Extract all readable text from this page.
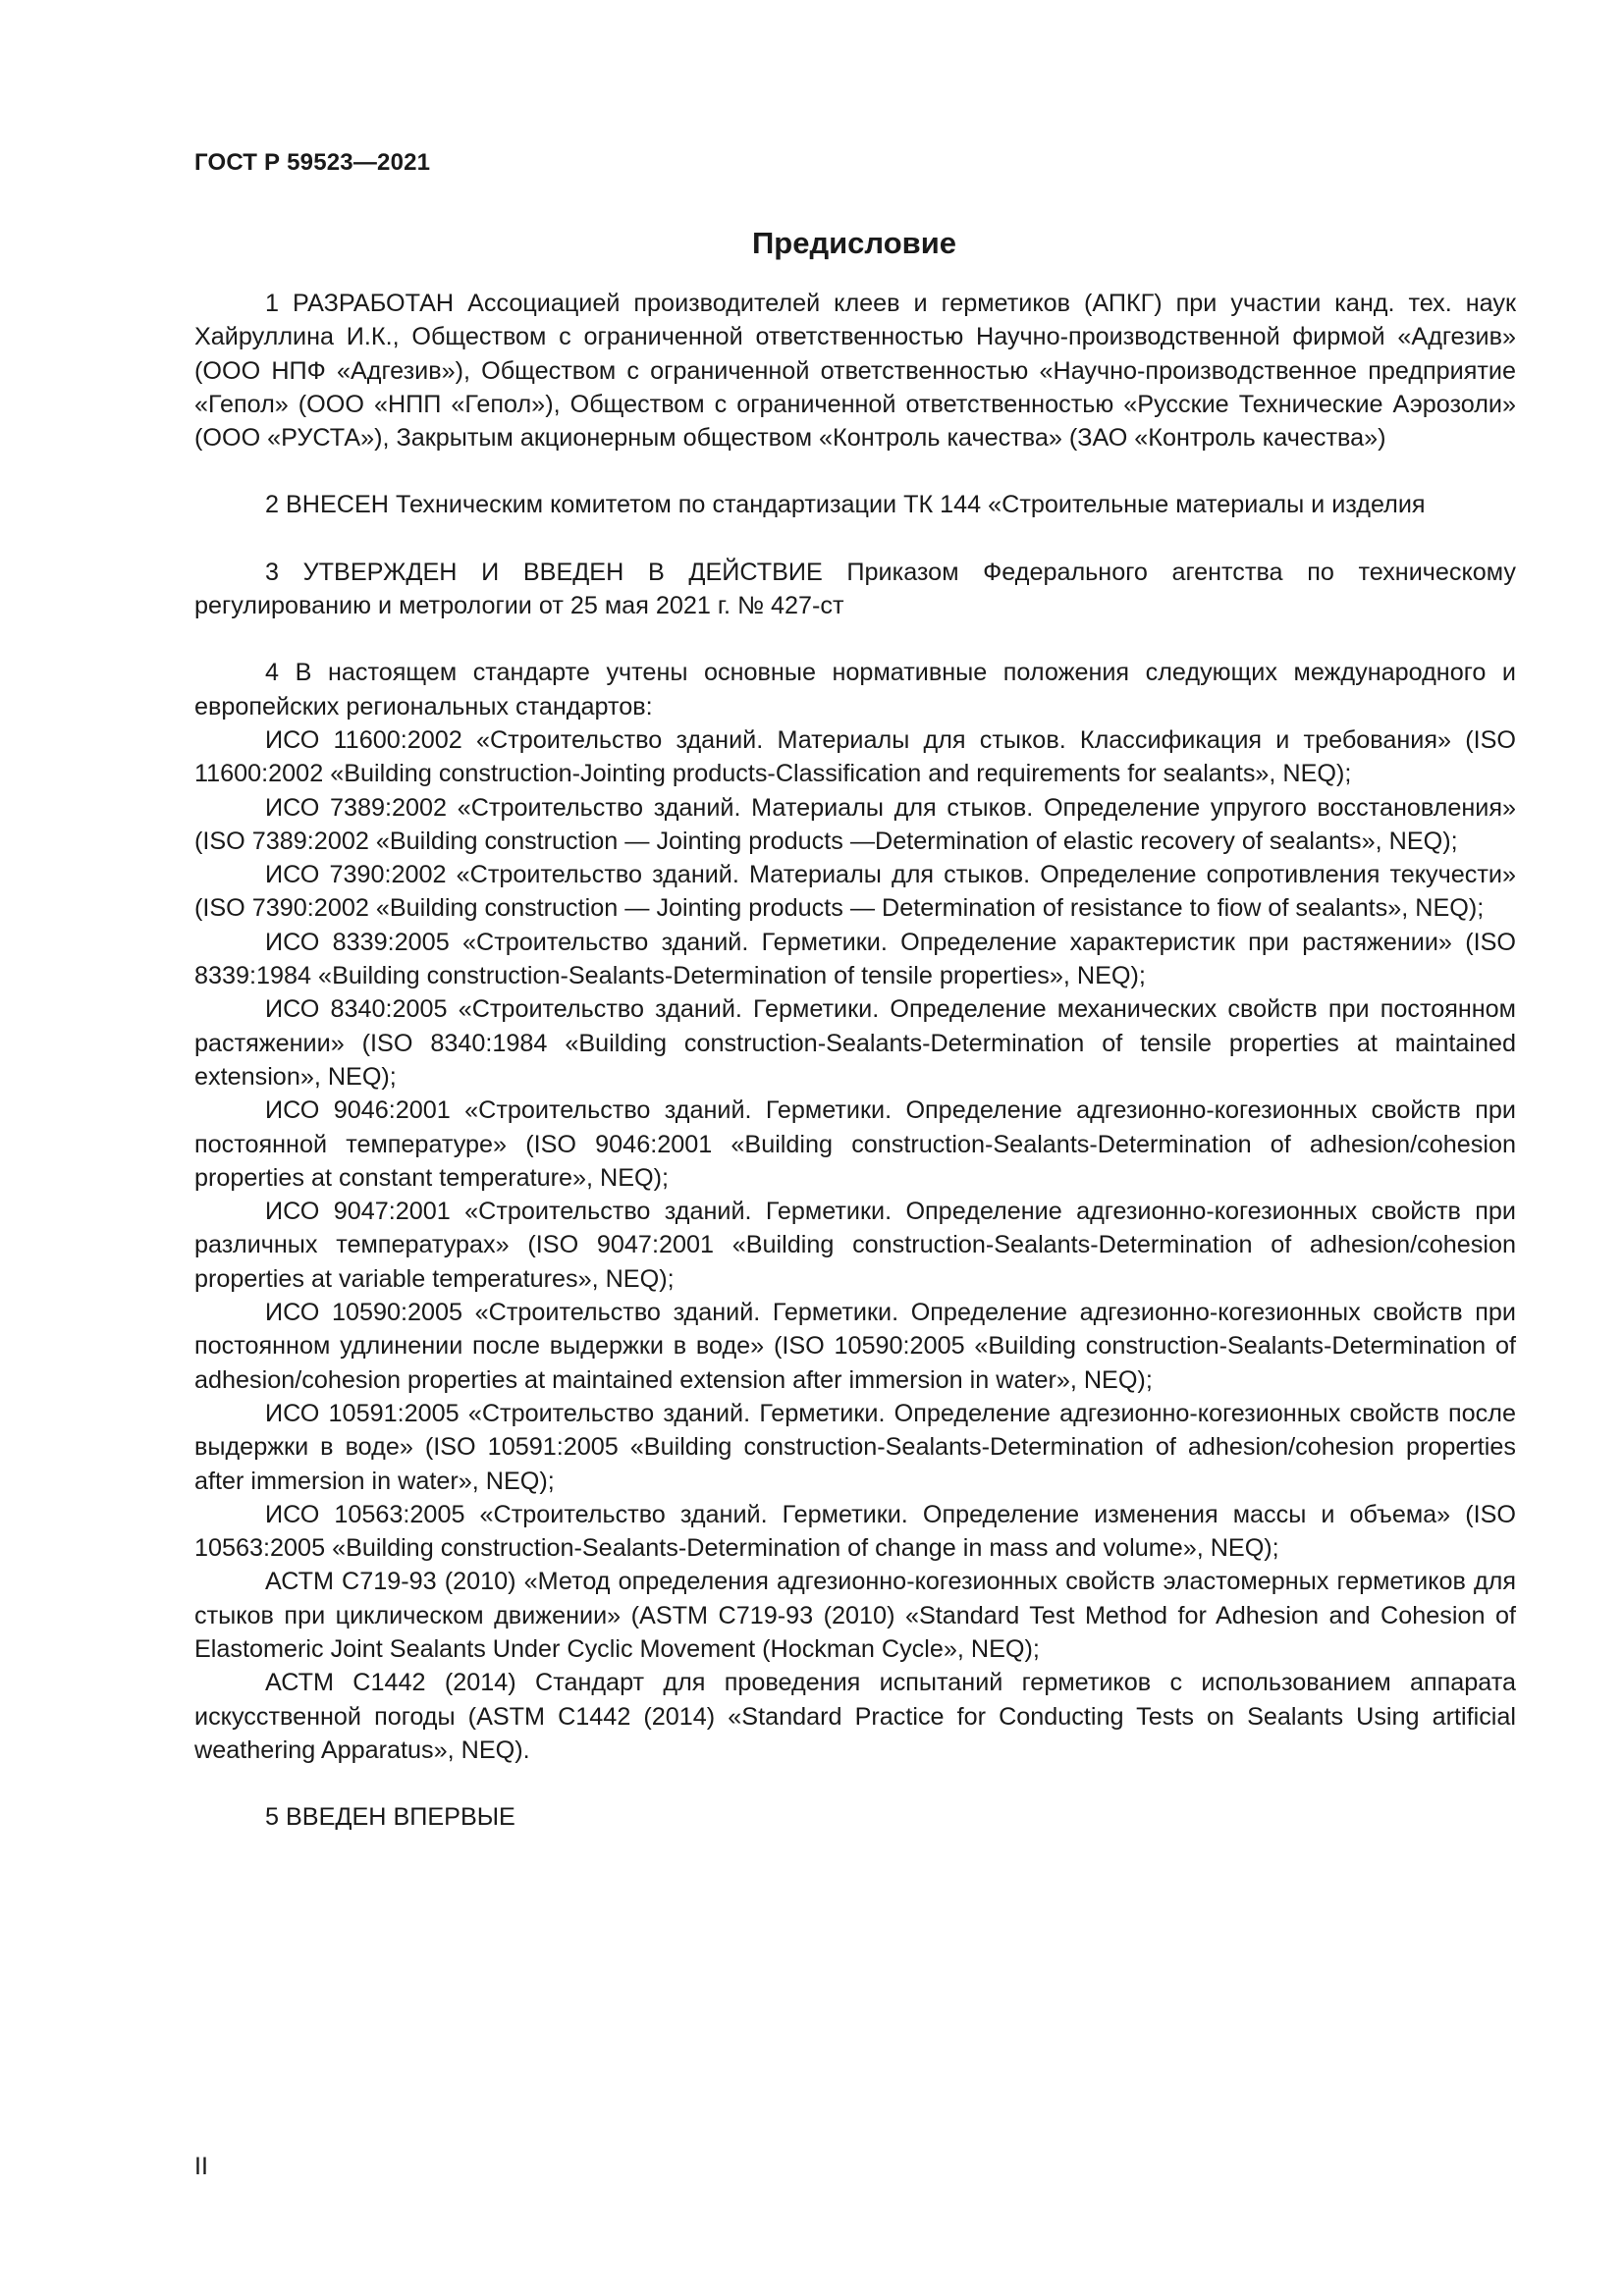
ГОСТ Р 59523—2021
Предисловие

1 РАЗРАБОТАН Ассоциацией производителей клеев и герметиков (АПКГ) при участии канд. тех. наук Хайруллина И.К., Обществом с ограниченной ответственностью Научно-производственной фирмой «Адгезив» (ООО НПФ «Адгезив»), Обществом с ограниченной ответственностью «Научно-производственное предприятие «Гепол» (ООО «НПП «Гепол»), Обществом с ограниченной ответственностью «Русские Технические Аэрозоли» (ООО «РУСТА»), Закрытым акционерным обществом «Контроль качества» (ЗАО «Контроль качества»)

2 ВНЕСЕН Техническим комитетом по стандартизации ТК 144 «Строительные материалы и изделия

3 УТВЕРЖДЕН И ВВЕДЕН В ДЕЙСТВИЕ Приказом Федерального агентства по техническому регулированию и метрологии от 25 мая 2021 г. № 427-ст

4 В настоящем стандарте учтены основные нормативные положения следующих международного и европейских региональных стандартов:
ИСО 11600:2002 «Строительство зданий. Материалы для стыков. Классификация и требования» (ISO 11600:2002 «Building construction-Jointing products-Classification and requirements for sealants», NEQ);
ИСО 7389:2002 «Строительство зданий. Материалы для стыков. Определение упругого восстановления» (ISO 7389:2002 «Building construction — Jointing products —Determination of elastic recovery of sealants», NEQ);
ИСО 7390:2002 «Строительство зданий. Материалы для стыков. Определение сопротивления текучести» (ISO 7390:2002 «Building construction — Jointing products — Determination of resistance to fiow of sealants», NEQ);
ИСО 8339:2005 «Строительство зданий. Герметики. Определение характеристик при растяжении» (ISO 8339:1984 «Building construction-Sealants-Determination of tensile properties», NEQ);
ИСО 8340:2005 «Строительство зданий. Герметики. Определение механических свойств при постоянном растяжении» (ISO 8340:1984 «Building construction-Sealants-Determination of tensile properties at maintained extension», NEQ);
ИСО 9046:2001 «Строительство зданий. Герметики. Определение адгезионно-когезионных свойств при постоянной температуре» (ISO 9046:2001 «Building construction-Sealants-Determination of adhesion/cohesion properties at constant temperature», NEQ);
ИСО 9047:2001 «Строительство зданий. Герметики. Определение адгезионно-когезионных свойств при различных температурах» (ISO 9047:2001 «Building construction-Sealants-Determination of adhesion/cohesion properties at variable temperatures», NEQ);
ИСО 10590:2005 «Строительство зданий. Герметики. Определение адгезионно-когезионных свойств при постоянном удлинении после выдержки в воде» (ISO 10590:2005 «Building construction-Sealants-Determination of adhesion/cohesion properties at maintained extension after immersion in water», NEQ);
ИСО 10591:2005 «Строительство зданий. Герметики. Определение адгезионно-когезионных свойств после выдержки в воде» (ISO 10591:2005 «Building construction-Sealants-Determination of adhesion/cohesion properties after immersion in water», NEQ);
ИСО 10563:2005 «Строительство зданий. Герметики. Определение изменения массы и объема» (ISO 10563:2005 «Building construction-Sealants-Determination of change in mass and volume», NEQ);
АСТМ С719-93 (2010) «Метод определения адгезионно-когезионных свойств эластомерных герметиков для стыков при циклическом движении» (ASTM C719-93 (2010) «Standard Test Method for Adhesion and Cohesion of Elastomeric Joint Sealants Under Cyclic Movement (Hockman Cycle», NEQ);
АСТМ С1442 (2014) Стандарт для проведения испытаний герметиков с использованием аппарата искусственной погоды (ASTM C1442 (2014) «Standard Practice for Conducting Tests on Sealants Using artificial weathering Apparatus», NEQ).

5 ВВЕДЕН ВПЕРВЫЕ

II
